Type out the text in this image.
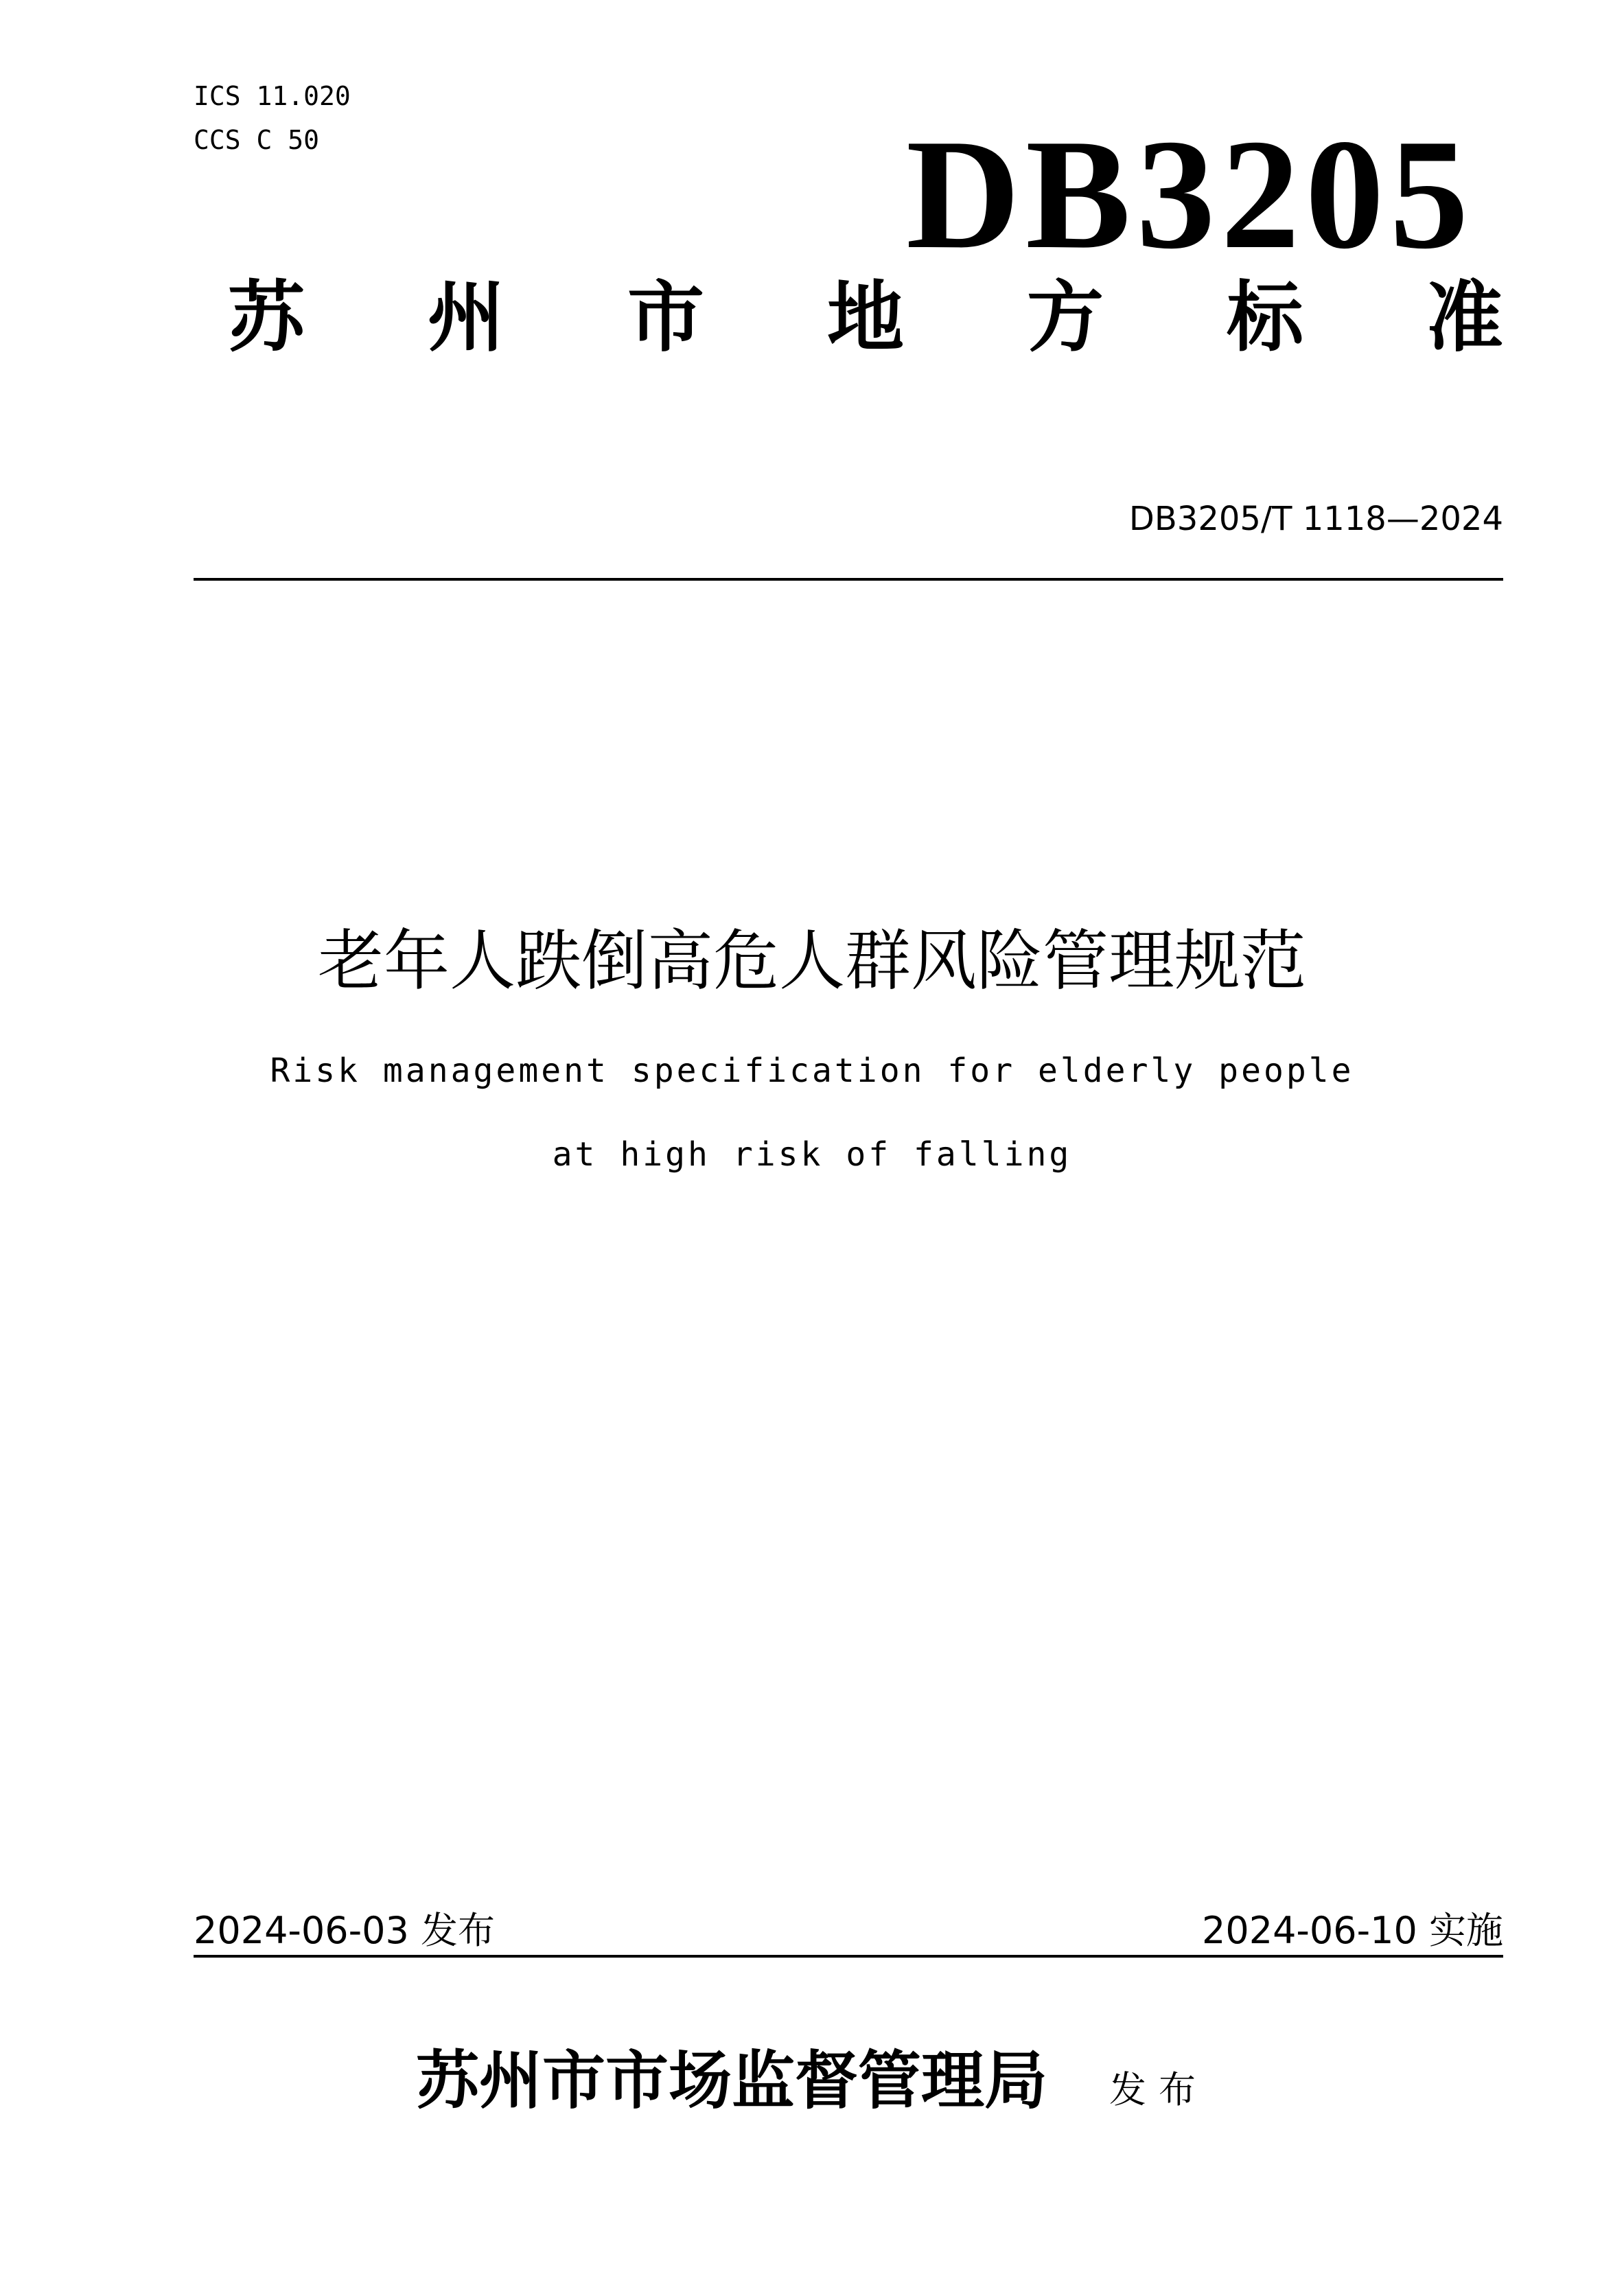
ICS 11.020
CCS C 50	DB3205
苏 州 市 地 方 标 准
DB3205/T 1118—2024
老年人跌倒高危人群风险管理规范
Risk management specification for elderly people
at high risk of falling
2024-06-03 发布	2024-06-10 实施
苏州市市场监督管理局 发布
